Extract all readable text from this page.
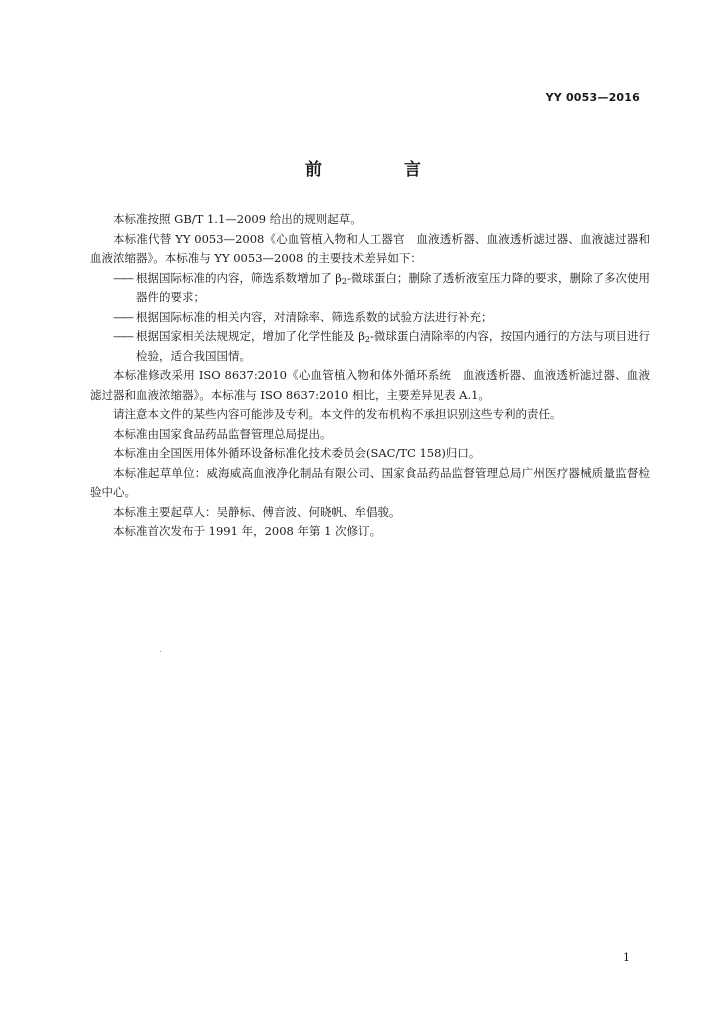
YY 0053—2016
前 言

本标准按照 GB/T 1.1—2009 给出的规则起草。

本标准代替 YY 0053—2008《心血管植入物和人工器官　血液透析器、血液透析滤过器、血液滤过器和血液浓缩器》。本标准与 YY 0053—2008 的主要技术差异如下：

—— 根据国际标准的内容，筛选系数增加了 $\beta_2-$微球蛋白；删除了透析液室压力降的要求，删除了多次使用器件的要求；

—— 根据国际标准的相关内容，对清除率、筛选系数的试验方法进行补充；

—— 根据国家相关法规规定，增加了化学性能及 $\beta_2-$微球蛋白清除率的内容，按国内通行的方法与项目进行检验，适合我国国情。

本标准修改采用 ISO 8637:2010《心血管植入物和体外循环系统　血液透析器、血液透析滤过器、血液滤过器和血液浓缩器》。本标准与 ISO 8637:2010 相比，主要差异见表 A.1。

请注意本文件的某些内容可能涉及专利。本文件的发布机构不承担识别这些专利的责任。

本标准由国家食品药品监督管理总局提出。

本标准由全国医用体外循环设备标准化技术委员会(SAC/TC 158)归口。

本标准起草单位：威海威高血液净化制品有限公司、国家食品药品监督管理总局广州医疗器械质量监督检验中心。

本标准主要起草人：吴静标、傅音波、何晓帆、牟倡骏。

本标准首次发布于 1991 年，2008 年第 1 次修订。

1
